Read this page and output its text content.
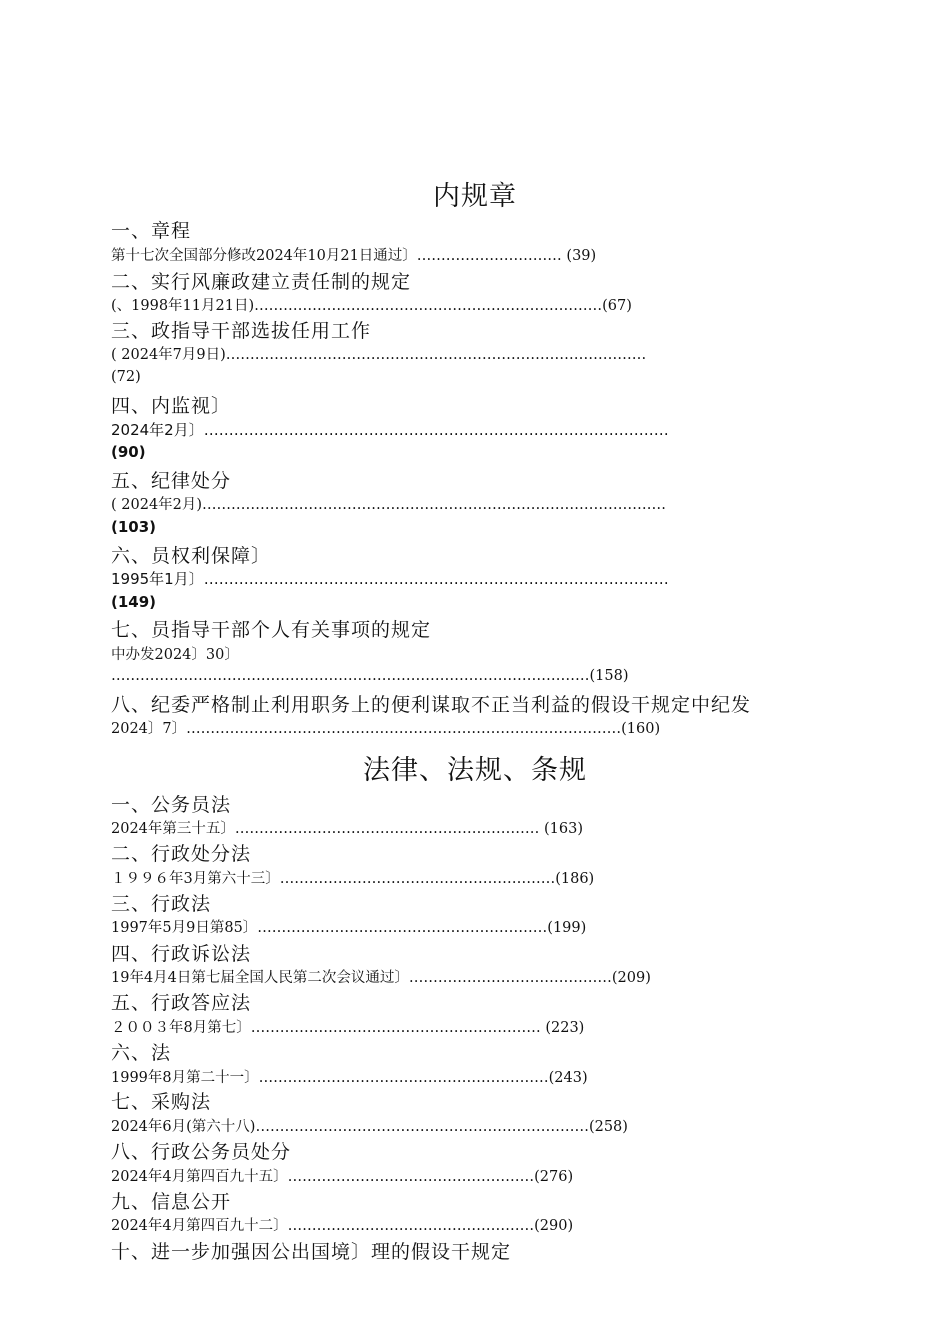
内规章
一、章程
第十七次全国部分修改2024年10月21日通过〕………………………… (39)
二、实行风廉政建立责任制的规定
(、1998年11月21日)………………………………………………………………(67)
三、政指导干部选拔任用工作
( 2024年7月9日)……………………………………………………………………………
(72)
四、内监视〕
2024年2月〕…………………………………………………………………………………
(90)
五、纪律处分
( 2024年2月)……………………………………………………………………………………
(103)
六、员权利保障〕
1995年1月〕…………………………………………………………………………………
(149)
七、员指导干部个人有关事项的规定
中办发2024〕30〕
………………………………………………………………………………………(158)
八、纪委严格制止利用职务上的便利谋取不正当利益的假设干规定中纪发
2024〕7〕………………………………………………………………………………(160)
法律、法规、条规
一、公务员法
2024年第三十五〕……………………………………………………… (163)
二、行政处分法
１９９６年3月第六十三〕…………………………………………………(186)
三、行政法
1997年5月9日第85〕……………………………………………………(199)
四、行政诉讼法
19年4月4日第七届全国人民第二次会议通过〕……………………………………(209)
五、行政答应法
２００３年8月第七〕…………………………………………………… (223)
六、法
1999年8月第二十一〕……………………………………………………(243)
七、采购法
2024年6月(第六十八)……………………………………………………………(258)
八、行政公务员处分
2024年4月第四百九十五〕……………………………………………(276)
九、信息公开
2024年4月第四百九十二〕……………………………………………(290)
十、进一步加强因公出国境〕理的假设干规定
